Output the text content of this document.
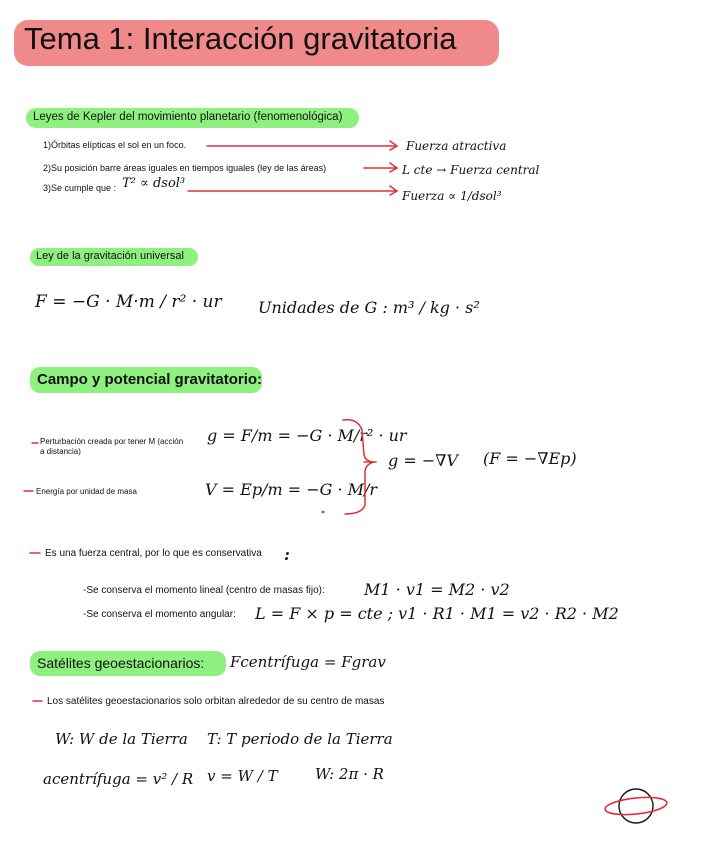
Tema 1: Interacción gravitatoria
Leyes de Kepler del movimiento planetario (fenomenológica)
1)Órbitas elípticas el sol en un foco.
2)Su posición barre áreas iguales en tiempos iguales (ley de las áreas)
3)Se cumple que : T² ∝ dsol³
Fuerza atractiva
L cte → Fuerza central
Fuerza ∝ 1/dsol³
Ley de la gravitación universal
F = −G · M·m / r² · ur Unidades de G : m³ / kg · s²
Campo y potencial gravitatorio:
Perturbación creada por tener M (acción a distancia)
Energía por unidad de masa
g = F/m = −G · M/r² · ur
V = Ep/m = −G · M/r
g = −∇V (F = −∇Ep)
Es una fuerza central, por lo que es conservativa :
-Se conserva el momento lineal (centro de masas fijo): M1 · v1 = M2 · v2
-Se conserva el momento angular: L = F × p = cte ; v1 · R1 · M1 = v2 · R2 · M2
Satélites geoestacionarios: Fcentrífuga = Fgrav
Los satélites geoestacionarios solo orbitan alrededor de su centro de masas
W: W de la Tierra T: T periodo de la Tierra
acentrífuga = v² / R v = W / T W: 2π · R
